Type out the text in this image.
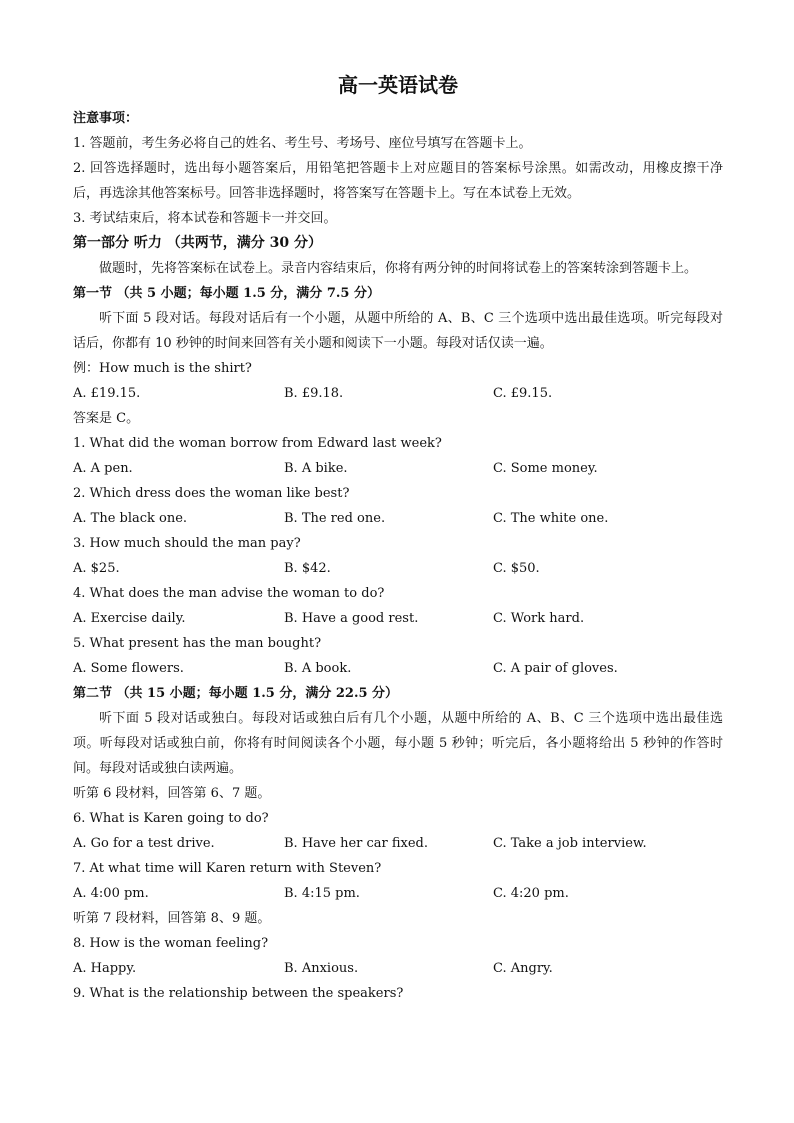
高一英语试卷
注意事项：
1. 答题前，考生务必将自己的姓名、考生号、考场号、座位号填写在答题卡上。
2. 回答选择题时，选出每小题答案后，用铅笔把答题卡上对应题目的答案标号涂黑。如需改动，用橡皮擦干净后，再选涂其他答案标号。回答非选择题时，将答案写在答题卡上。写在本试卷上无效。
3. 考试结束后，将本试卷和答题卡一并交回。
第一部分 听力 （共两节，满分 30 分）
做题时，先将答案标在试卷上。录音内容结束后，你将有两分钟的时间将试卷上的答案转涂到答题卡上。
第一节 （共 5 小题；每小题 1.5 分，满分 7.5 分）
听下面 5 段对话。每段对话后有一个小题，从题中所给的 A、B、C 三个选项中选出最佳选项。听完每段对话后，你都有 10 秒钟的时间来回答有关小题和阅读下一小题。每段对话仅读一遍。
例：How much is the shirt?
A. £19.15.	B. £9.18.	C. £9.15.
答案是 C。
1. What did the woman borrow from Edward last week?
A. A pen.	B. A bike.	C. Some money.
2. Which dress does the woman like best?
A. The black one.	B. The red one.	C. The white one.
3. How much should the man pay?
A. $25.	B. $42.	C. $50.
4. What does the man advise the woman to do?
A. Exercise daily.	B. Have a good rest.	C. Work hard.
5. What present has the man bought?
A. Some flowers.	B. A book.	C. A pair of gloves.
第二节 （共 15 小题；每小题 1.5 分，满分 22.5 分）
听下面 5 段对话或独白。每段对话或独白后有几个小题，从题中所给的 A、B、C 三个选项中选出最佳选项。听每段对话或独白前，你将有时间阅读各个小题，每小题 5 秒钟；听完后，各小题将给出 5 秒钟的作答时间。每段对话或独白读两遍。
听第 6 段材料，回答第 6、7 题。
6. What is Karen going to do?
A. Go for a test drive.	B. Have her car fixed.	C. Take a job interview.
7. At what time will Karen return with Steven?
A. 4:00 pm.	B. 4:15 pm.	C. 4:20 pm.
听第 7 段材料，回答第 8、9 题。
8. How is the woman feeling?
A. Happy.	B. Anxious.	C. Angry.
9. What is the relationship between the speakers?
